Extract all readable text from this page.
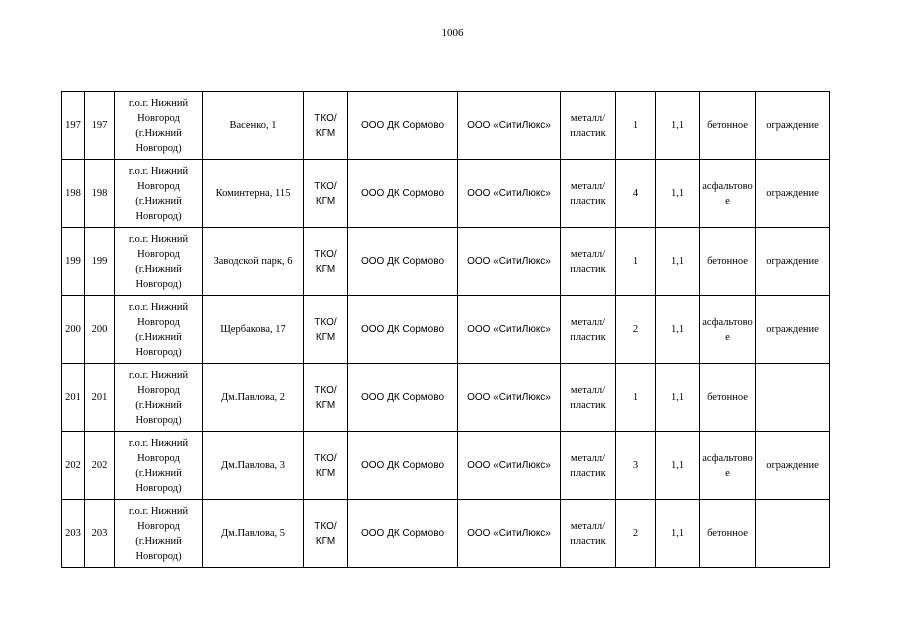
1006
197	197	г.о.г. Нижний Новгород (г.Нижний Новгород)	Васенко, 1	ТКО/КГМ	ООО ДК Сормово	ООО «СитиЛюкс»	металл/пластик	1	1,1	бетонное	ограждение
198	198	г.о.г. Нижний Новгород (г.Нижний Новгород)	Коминтерна, 115	ТКО/КГМ	ООО ДК Сормово	ООО «СитиЛюкс»	металл/пластик	4	1,1	асфальтовое	ограждение
199	199	г.о.г. Нижний Новгород (г.Нижний Новгород)	Заводской парк, 6	ТКО/КГМ	ООО ДК Сормово	ООО «СитиЛюкс»	металл/пластик	1	1,1	бетонное	ограждение
200	200	г.о.г. Нижний Новгород (г.Нижний Новгород)	Щербакова, 17	ТКО/КГМ	ООО ДК Сормово	ООО «СитиЛюкс»	металл/пластик	2	1,1	асфальтовое	ограждение
201	201	г.о.г. Нижний Новгород (г.Нижний Новгород)	Дм.Павлова, 2	ТКО/КГМ	ООО ДК Сормово	ООО «СитиЛюкс»	металл/пластик	1	1,1	бетонное	
202	202	г.о.г. Нижний Новгород (г.Нижний Новгород)	Дм.Павлова, 3	ТКО/КГМ	ООО ДК Сормово	ООО «СитиЛюкс»	металл/пластик	3	1,1	асфальтовое	ограждение
203	203	г.о.г. Нижний Новгород (г.Нижний Новгород)	Дм.Павлова, 5	ТКО/КГМ	ООО ДК Сормово	ООО «СитиЛюкс»	металл/пластик	2	1,1	бетонное	
